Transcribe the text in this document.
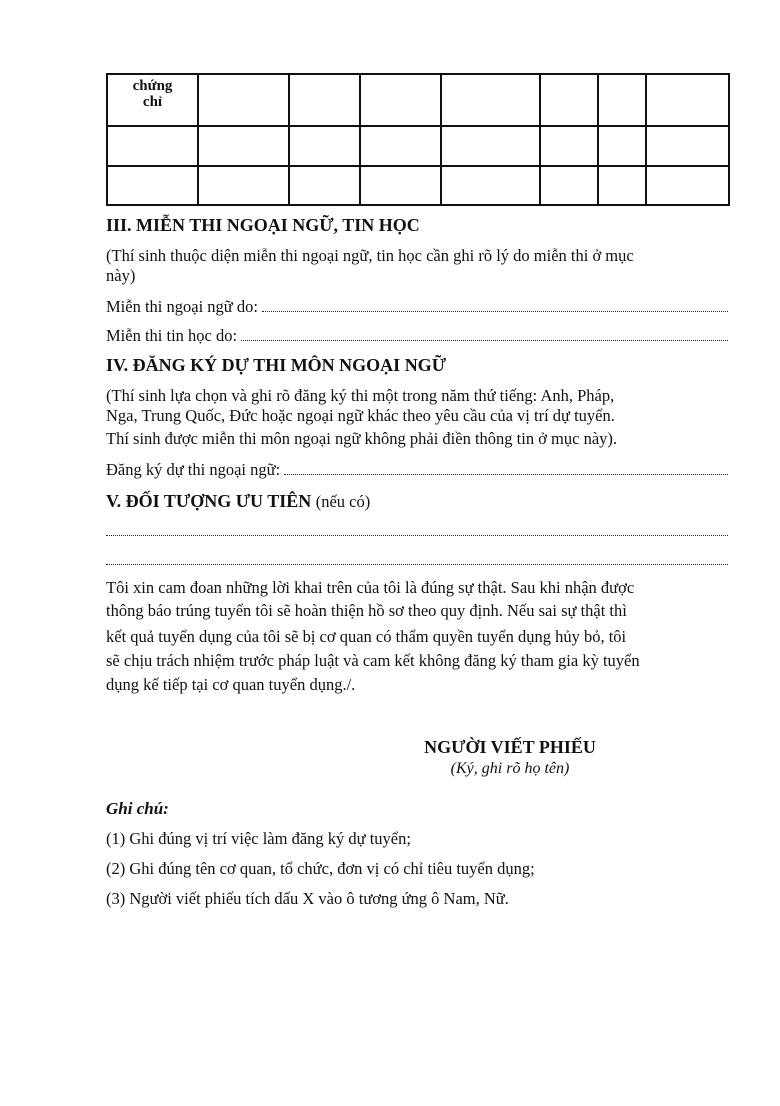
chứng
chỉ							

III. MIỄN THI NGOẠI NGỮ, TIN HỌC
(Thí sinh thuộc diện miễn thi ngoại ngữ, tin học cần ghi rõ lý do miễn thi ở mục
này)
Miễn thi ngoại ngữ do:
Miễn thi tin học do:
IV. ĐĂNG KÝ DỰ THI MÔN NGOẠI NGỮ
(Thí sinh lựa chọn và ghi rõ đăng ký thi một trong năm thứ tiếng: Anh, Pháp,
Nga, Trung Quốc, Đức hoặc ngoại ngữ khác theo yêu cầu của vị trí dự tuyển.
Thí sinh được miễn thi môn ngoại ngữ không phải điền thông tin ở mục này).
Đăng ký dự thi ngoại ngữ:
V. ĐỐI TƯỢNG ƯU TIÊN (nếu có)
Tôi xin cam đoan những lời khai trên của tôi là đúng sự thật. Sau khi nhận được
thông báo trúng tuyển tôi sẽ hoàn thiện hồ sơ theo quy định. Nếu sai sự thật thì
kết quả tuyển dụng của tôi sẽ bị cơ quan có thẩm quyền tuyển dụng hủy bỏ, tôi
sẽ chịu trách nhiệm trước pháp luật và cam kết không đăng ký tham gia kỳ tuyển
dụng kế tiếp tại cơ quan tuyển dụng./.
NGƯỜI VIẾT PHIẾU
(Ký, ghi rõ họ tên)
Ghi chú:
(1) Ghi đúng vị trí việc làm đăng ký dự tuyển;
(2) Ghi đúng tên cơ quan, tổ chức, đơn vị có chỉ tiêu tuyển dụng;
(3) Người viết phiếu tích dấu X vào ô tương ứng ô Nam, Nữ.
